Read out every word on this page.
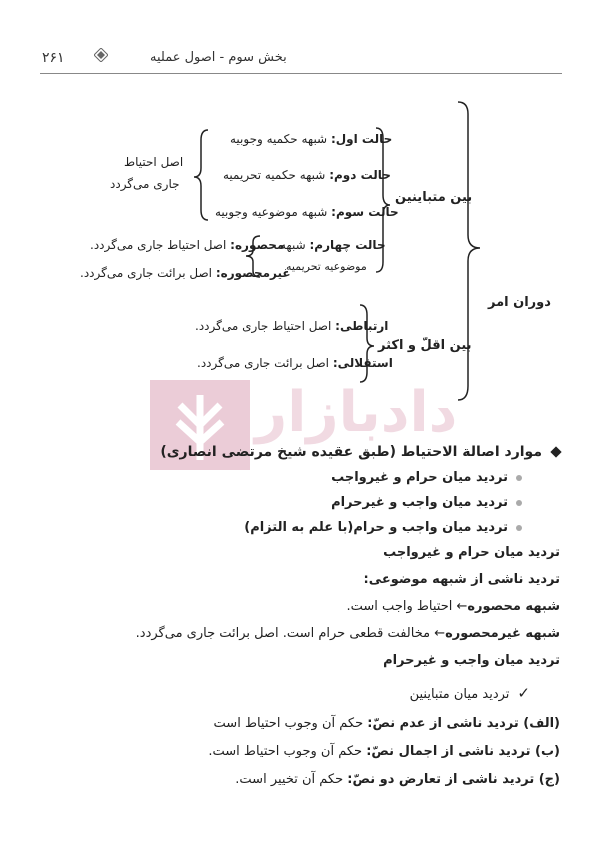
بخش سوم - اصول عملیه
۲۶۱
دوران امر
بین متباینین
حالت اول: شبهه حکمیه وجوبیه
حالت دوم: شبهه حکمیه تحریمیه
حالت سوم: شبهه موضوعیه وجوبیه
حالت چهارم: شبهه
موضوعیه تحریمیه
اصل احتیاط
جاری می‌گردد
محصوره: اصل احتیاط جاری می‌گردد.
غیرمحصوره: اصل برائت جاری می‌گردد.
بین اقلّ و اکثر
ارتباطی: اصل احتیاط جاری می‌گردد.
استقلالی: اصل برائت جاری می‌گردد.
دادبازار
موارد اصالة الاحتیاط (طبق عقیده شیخ مرتضی انصاری)
تردید میان حرام و غیرواجب
تردید میان واجب و غیرحرام
تردید میان واجب و حرام(با علم به التزام)
تردید میان حرام و غیرواجب
تردید ناشی از شبهه موضوعی:
شبهه محصوره← احتیاط واجب است.
شبهه غیرمحصوره← مخالفت قطعی حرام است. اصل برائت جاری می‌گردد.
تردید میان واجب و غیرحرام
✓تردید میان متباینین
(الف) تردید ناشی از عدم نصّ: حکم آن وجوب احتیاط است
(ب) تردید ناشی از اجمال نصّ: حکم آن وجوب احتیاط است.
(ج) تردید ناشی از تعارض دو نصّ: حکم آن تخییر است.
